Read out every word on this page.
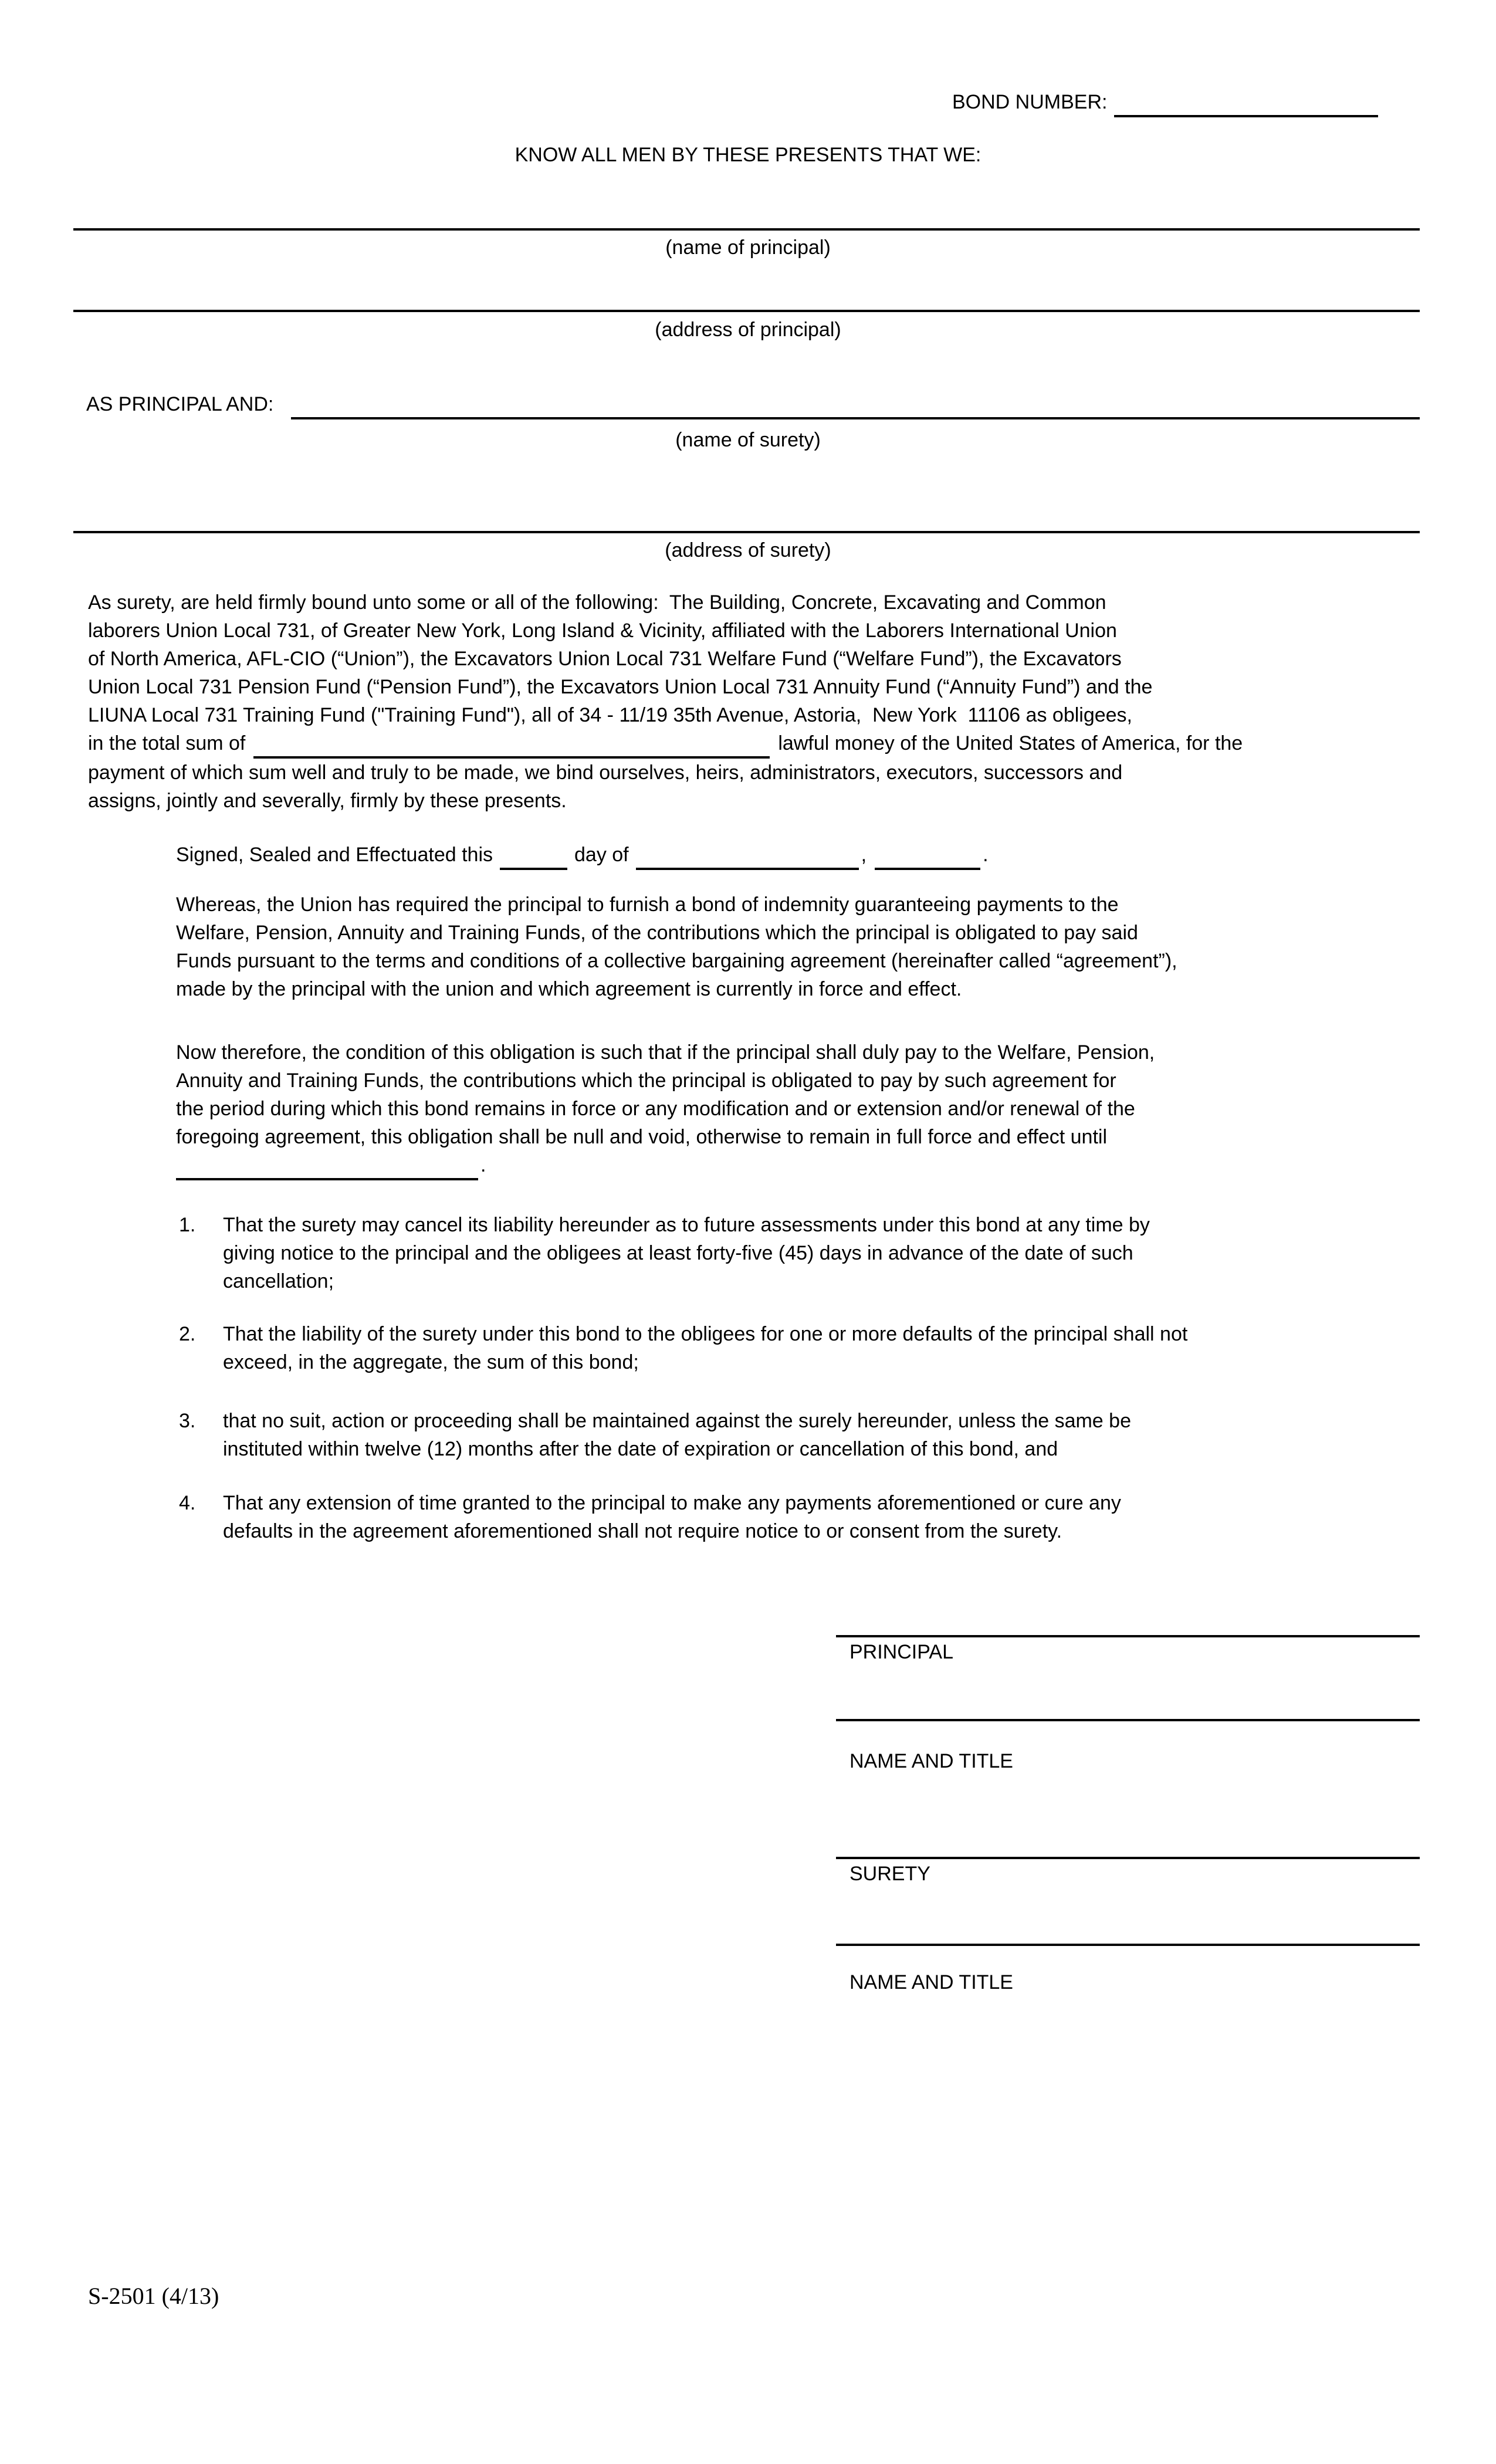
BOND NUMBER:
KNOW ALL MEN BY THESE PRESENTS THAT WE:
(name of principal)
(address of principal)
AS PRINCIPAL AND:
(name of surety)
(address of surety)
As surety, are held firmly bound unto some or all of the following:  The Building, Concrete, Excavating and Common
laborers Union Local 731, of Greater New York, Long Island & Vicinity, affiliated with the Laborers International Union
of North America, AFL-CIO (“Union”), the Excavators Union Local 731 Welfare Fund (“Welfare Fund”), the Excavators
Union Local 731 Pension Fund (“Pension Fund”), the Excavators Union Local 731 Annuity Fund (“Annuity Fund”) and the
LIUNA Local 731 Training Fund ("Training Fund"), all of 34 - 11/19 35th Avenue, Astoria,  New York  11106 as obligees,
in the total sum of	lawful money of the United States of America, for the
payment of which sum well and truly to be made, we bind ourselves, heirs, administrators, executors, successors and
assigns, jointly and severally, firmly by these presents.
Signed, Sealed and Effectuated this	day of	,	.
Whereas, the Union has required the principal to furnish a bond of indemnity guaranteeing payments to the
Welfare, Pension, Annuity and Training Funds, of the contributions which the principal is obligated to pay said
Funds pursuant to the terms and conditions of a collective bargaining agreement (hereinafter called “agreement”),
made by the principal with the union and which agreement is currently in force and effect.
Now therefore, the condition of this obligation is such that if the principal shall duly pay to the Welfare, Pension,
Annuity and Training Funds, the contributions which the principal is obligated to pay by such agreement for
the period during which this bond remains in force or any modification and or extension and/or renewal of the
foregoing agreement, this obligation shall be null and void, otherwise to remain in full force and effect until
.
1. That the surety may cancel its liability hereunder as to future assessments under this bond at any time by
giving notice to the principal and the obligees at least forty-five (45) days in advance of the date of such
cancellation;
2. That the liability of the surety under this bond to the obligees for one or more defaults of the principal shall not
exceed, in the aggregate, the sum of this bond;
3. that no suit, action or proceeding shall be maintained against the surely hereunder, unless the same be
instituted within twelve (12) months after the date of expiration or cancellation of this bond, and
4. That any extension of time granted to the principal to make any payments aforementioned or cure any
defaults in the agreement aforementioned shall not require notice to or consent from the surety.
PRINCIPAL
NAME AND TITLE
SURETY
NAME AND TITLE
S-2501 (4/13)
